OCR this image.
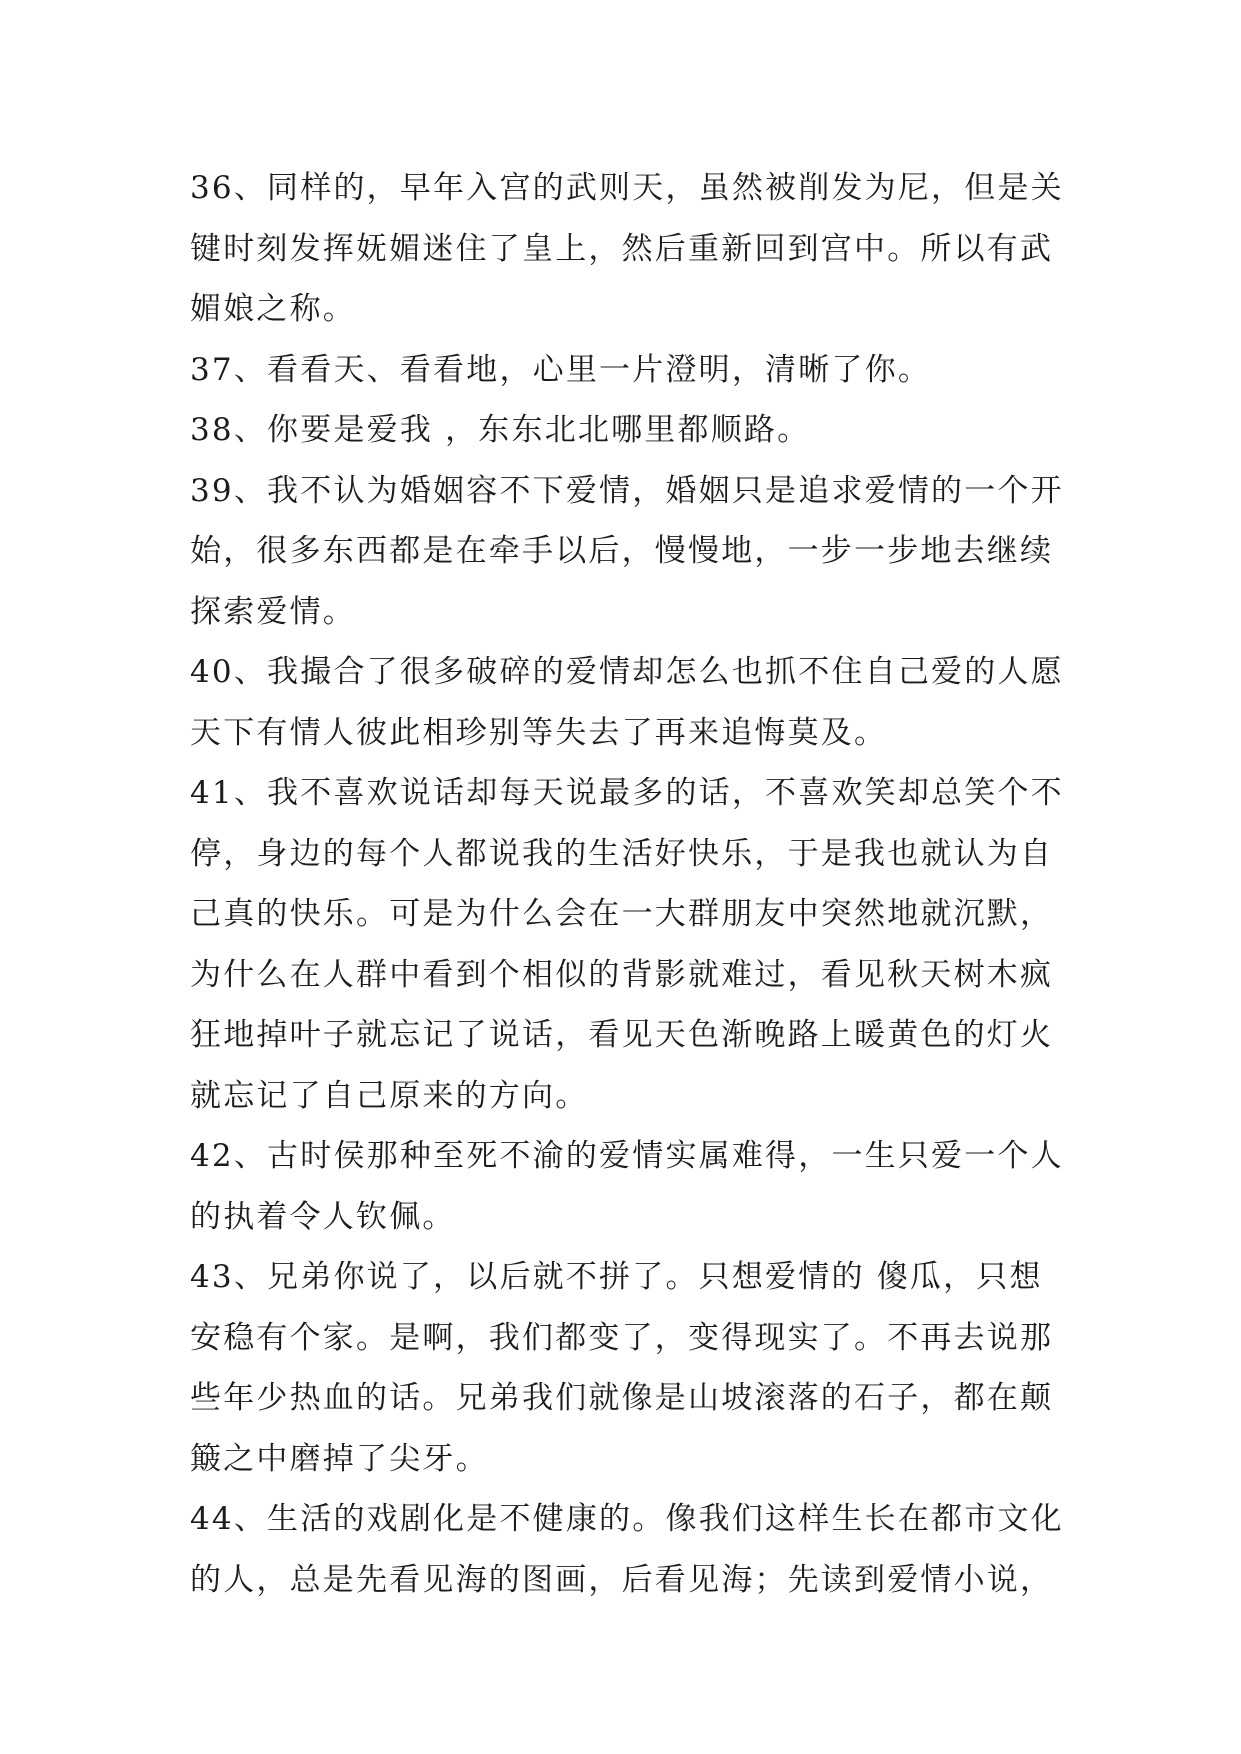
36、同样的，早年入宫的武则天，虽然被削发为尼，但是关
键时刻发挥妩媚迷住了皇上，然后重新回到宫中。所以有武
媚娘之称。
37、看看天、看看地，心里一片澄明，清晰了你。
38、你要是爱我 ，东东北北哪里都顺路。
39、我不认为婚姻容不下爱情，婚姻只是追求爱情的一个开
始，很多东西都是在牵手以后，慢慢地，一步一步地去继续
探索爱情。
40、我撮合了很多破碎的爱情却怎么也抓不住自己爱的人愿
天下有情人彼此相珍别等失去了再来追悔莫及。
41、我不喜欢说话却每天说最多的话，不喜欢笑却总笑个不
停，身边的每个人都说我的生活好快乐，于是我也就认为自
己真的快乐。可是为什么会在一大群朋友中突然地就沉默，
为什么在人群中看到个相似的背影就难过，看见秋天树木疯
狂地掉叶子就忘记了说话，看见天色渐晚路上暖黄色的灯火
就忘记了自己原来的方向。
42、古时侯那种至死不渝的爱情实属难得，一生只爱一个人
的执着令人钦佩。
43、兄弟你说了，以后就不拼了。只想爱情的 傻瓜，只想
安稳有个家。是啊，我们都变了，变得现实了。不再去说那
些年少热血的话。兄弟我们就像是山坡滚落的石子，都在颠
簸之中磨掉了尖牙。
44、生活的戏剧化是不健康的。像我们这样生长在都市文化
的人，总是先看见海的图画，后看见海；先读到爱情小说，
